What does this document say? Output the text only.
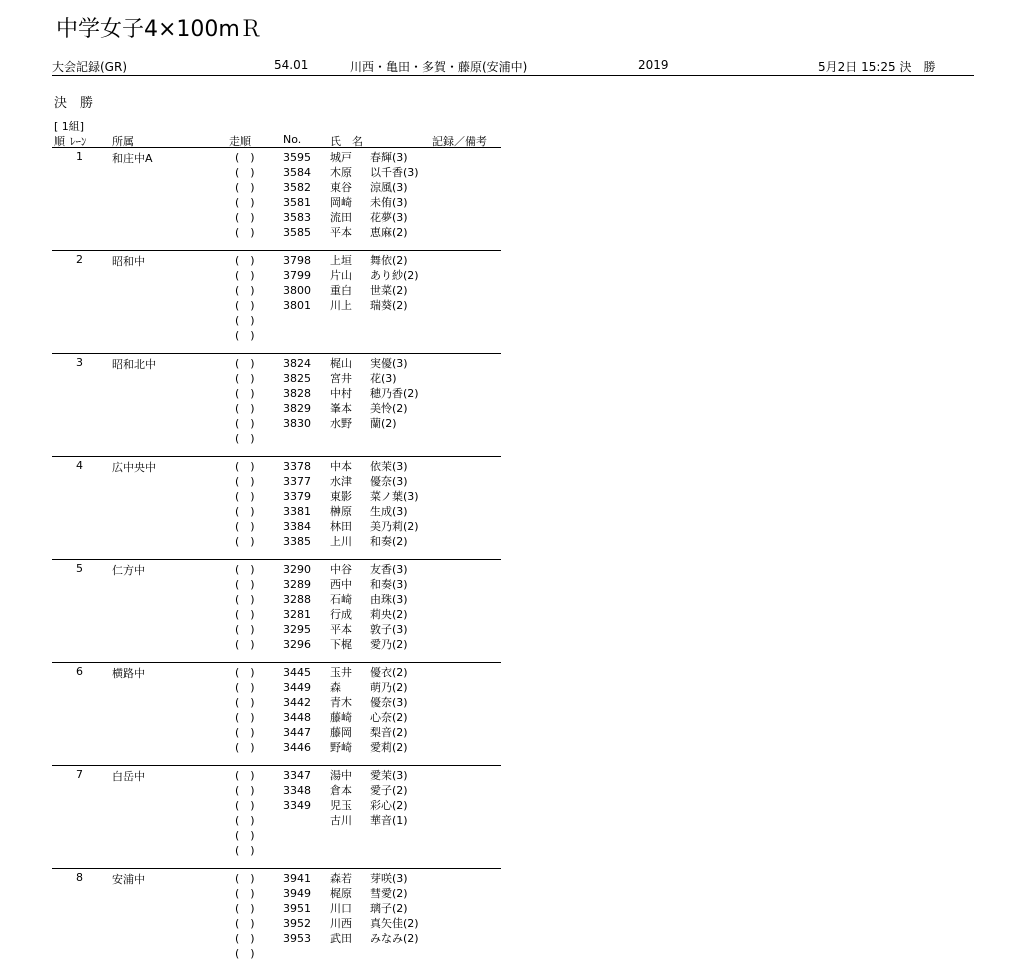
中学女子4×100mＲ
大会記録(GR)	54.01	川西・亀田・多賀・藤原(安浦中)	2019	5月2日 15:25 決　勝
決　勝
[ 1組]
順 ﾚｰﾝ 所属	走順	No.	氏　名	記録／備考
1	和庄中A	(　)	3595 城戸 春輝(3)
(　)	3584 木原 以千香(3)
(　)	3582 東谷 涼風(3)
(　)	3581 岡崎 未侑(3)
(　)	3583 流田 花夢(3)
(　)	3585 平本 恵麻(2)
2	昭和中	(　)	3798 上垣 舞依(2)
(　)	3799 片山 あり紗(2)
(　)	3800 重白 世菜(2)
(　)	3801 川上 瑞葵(2)
(　)
(　)
3	昭和北中	(　)	3824 梶山 実優(3)
(　)	3825 宮井 花(3)
(　)	3828 中村 穂乃香(2)
(　)	3829 峯本 美怜(2)
(　)	3830 水野 蘭(2)
(　)
4	広中央中	(　)	3378 中本 依茉(3)
(　)	3377 水津 優奈(3)
(　)	3379 東影 菜ノ葉(3)
(　)	3381 榊原 生成(3)
(　)	3384 林田 美乃莉(2)
(　)	3385 上川 和奏(2)
5	仁方中	(　)	3290 中谷 友香(3)
(　)	3289 西中 和奏(3)
(　)	3288 石崎 由珠(3)
(　)	3281 行成 莉央(2)
(　)	3295 平本 敦子(3)
(　)	3296 下梶 愛乃(2)
6	横路中	(　)	3445 玉井 優衣(2)
(　)	3449 森	萌乃(2)
(　)	3442 青木 優奈(3)
(　)	3448 藤崎 心奈(2)
(　)	3447 藤岡 梨音(2)
(　)	3446 野崎 愛莉(2)
7	白岳中	(　)	3347 湯中 愛茉(3)
(　)	3348 倉本 愛子(2)
(　)	3349 児玉 彩心(2)
(　)	古川 華音(1)
(　)
(　)
8	安浦中	(　)	3941 森若 芽咲(3)
(　)	3949 梶原 彗愛(2)
(　)	3951 川口 璃子(2)
(　)	3952 川西 真矢佳(2)
(　)	3953 武田 みなみ(2)
(　)
